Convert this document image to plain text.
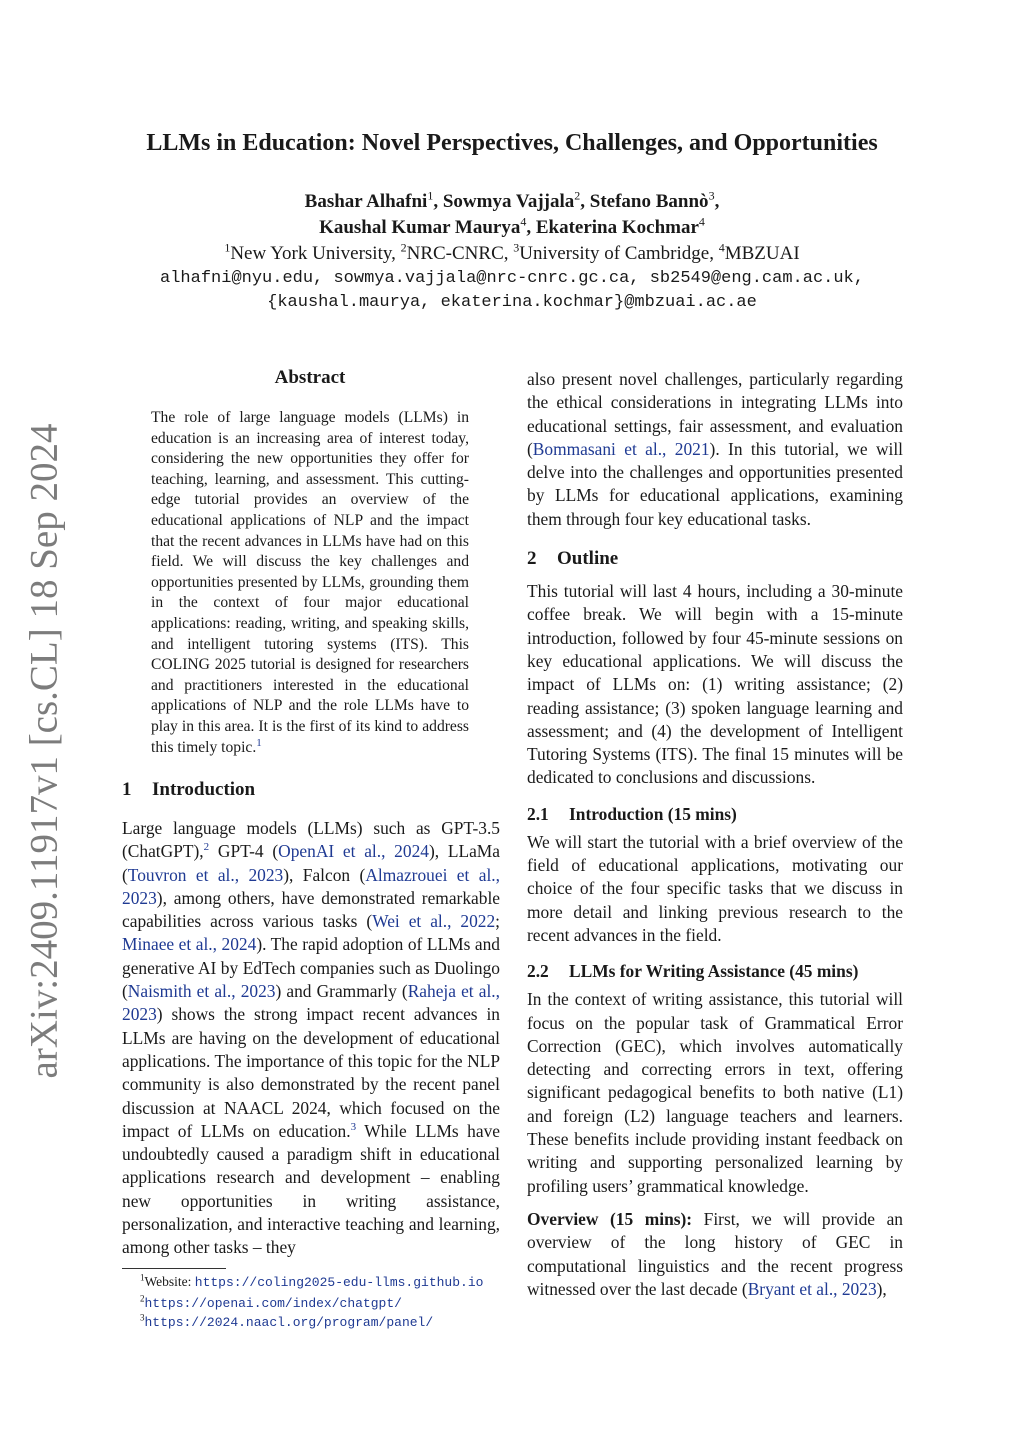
arXiv:2409.11917v1 [cs.CL] 18 Sep 2024
LLMs in Education: Novel Perspectives, Challenges, and Opportunities
Bashar Alhafni$^1$, Sowmya Vajjala$^2$, Stefano Bannò$^3$,
Kaushal Kumar Maurya$^4$, Ekaterina Kochmar$^4$
$^1$New York University, $^2$NRC-CNRC, $^3$University of Cambridge, $^4$MBZUAI
alhafni@nyu.edu, sowmya.vajjala@nrc-cnrc.gc.ca, sb2549@eng.cam.ac.uk,
{kaushal.maurya, ekaterina.kochmar}@mbzuai.ac.ae
Abstract
The role of large language models (LLMs) in education is an increasing area of interest today, considering the new opportunities they offer for teaching, learning, and assessment. This cutting-edge tutorial provides an overview of the educational applications of NLP and the impact that the recent advances in LLMs have had on this field. We will discuss the key challenges and opportunities presented by LLMs, grounding them in the context of four major educational applications: reading, writing, and speaking skills, and intelligent tutoring systems (ITS). This COLING 2025 tutorial is designed for researchers and practitioners interested in the educational applications of NLP and the role LLMs have to play in this area. It is the first of its kind to address this timely topic.$^1$
1 Introduction

Large language models (LLMs) such as GPT-3.5 (ChatGPT),$^2$ GPT-4 (OpenAI et al., 2024), LLaMa (Touvron et al., 2023), Falcon (Almazrouei et al., 2023), among others, have demonstrated remarkable capabilities across various tasks (Wei et al., 2022; Minaee et al., 2024). The rapid adoption of LLMs and generative AI by EdTech companies such as Duolingo (Naismith et al., 2023) and Grammarly (Raheja et al., 2023) shows the strong impact recent advances in LLMs are having on the development of educational applications. The importance of this topic for the NLP community is also demonstrated by the recent panel discussion at NAACL 2024, which focused on the impact of LLMs on education.$^3$ While LLMs have undoubtedly caused a paradigm shift in educational applications research and development – enabling new opportunities in writing assistance, personalization, and interactive teaching and learning, among other tasks – they

$^1$Website: https://coling2025-edu-llms.github.io
$^2$https://openai.com/index/chatgpt/
$^3$https://2024.naacl.org/program/panel/

also present novel challenges, particularly regarding the ethical considerations in integrating LLMs into educational settings, fair assessment, and evaluation (Bommasani et al., 2021). In this tutorial, we will delve into the challenges and opportunities presented by LLMs for educational applications, examining them through four key educational tasks.

2 Outline

This tutorial will last 4 hours, including a 30-minute coffee break. We will begin with a 15-minute introduction, followed by four 45-minute sessions on key educational applications. We will discuss the impact of LLMs on: (1) writing assistance; (2) reading assistance; (3) spoken language learning and assessment; and (4) the development of Intelligent Tutoring Systems (ITS). The final 15 minutes will be dedicated to conclusions and discussions.

2.1 Introduction (15 mins)

We will start the tutorial with a brief overview of the field of educational applications, motivating our choice of the four specific tasks that we discuss in more detail and linking previous research to the recent advances in the field.

2.2 LLMs for Writing Assistance (45 mins)

In the context of writing assistance, this tutorial will focus on the popular task of Grammatical Error Correction (GEC), which involves automatically detecting and correcting errors in text, offering significant pedagogical benefits to both native (L1) and foreign (L2) language teachers and learners. These benefits include providing instant feedback on writing and supporting personalized learning by profiling users’ grammatical knowledge.

Overview (15 mins): First, we will provide an overview of the long history of GEC in computational linguistics and the recent progress witnessed over the last decade (Bryant et al., 2023),
